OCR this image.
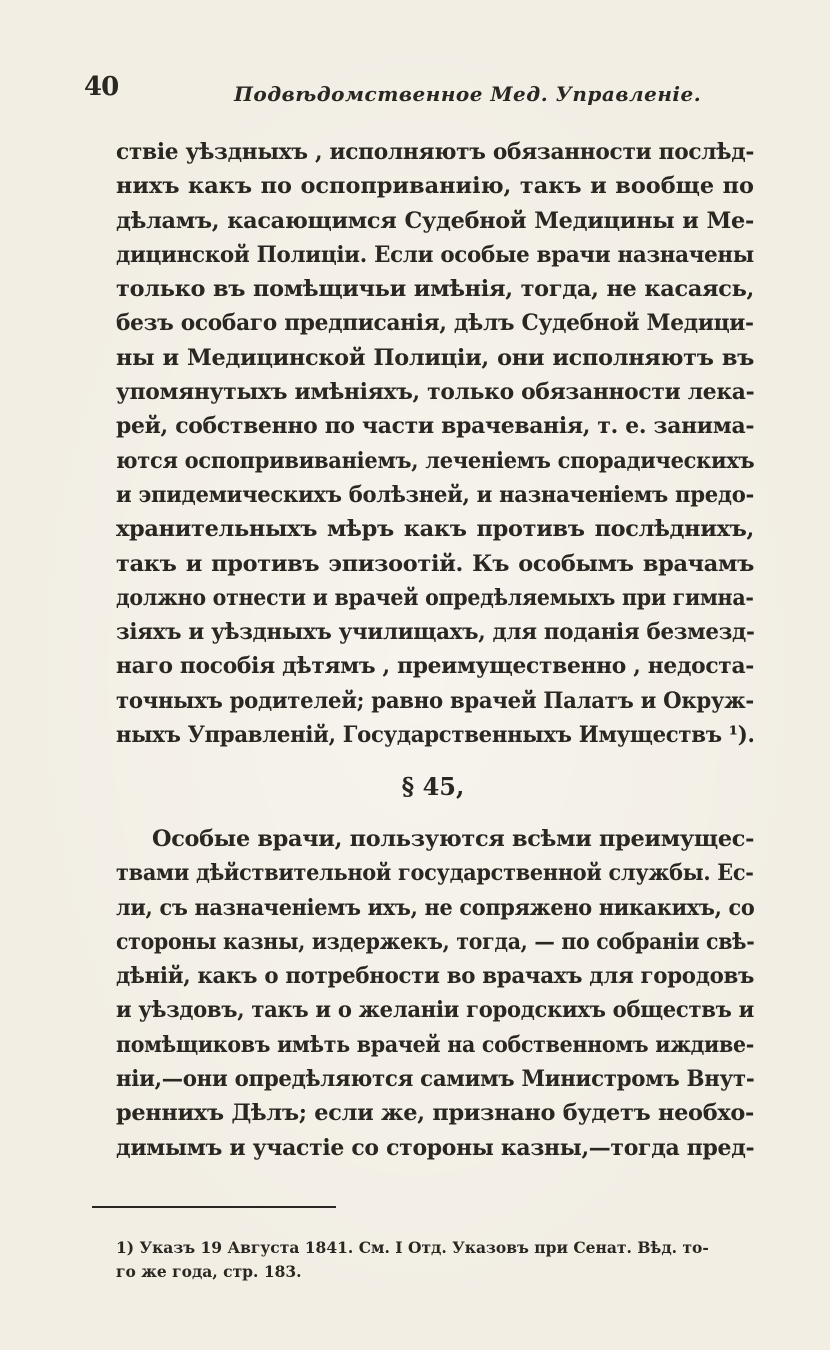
40	Подвѣдомственное Мед. Управленіе.
ствіе уѣздныхъ , исполняютъ обязанности послѣд-
нихъ какъ по оспоприваниію, такъ и вообще по
дѣламъ, касающимся Судебной Медицины и Ме-
дицинской Полиціи. Если особые врачи назначены
только въ помѣщичьи имѣнія, тогда, не касаясь,
безъ особаго предписанія, дѣлъ Судебной Медици-
ны и Медицинской Полиціи, они исполняютъ въ
упомянутыхъ имѣніяхъ, только обязанности лека-
рей, собственно по части врачеванія, т. е. занима-
ются оспопрививаніемъ, леченіемъ спорадическихъ
и эпидемическихъ болѣзней, и назначеніемъ предо-
хранительныхъ мѣръ какъ противъ послѣднихъ,
такъ и противъ эпизоотій. Къ особымъ врачамъ
должно отнести и врачей опредѣляемыхъ при гимна-
зіяхъ и уѣздныхъ училищахъ, для поданія безмезд-
наго пособія дѣтямъ , преимущественно , недоста-
точныхъ родителей; равно врачей Палатъ и Окруж-
ныхъ Управленій, Государственныхъ Имуществъ ¹).
§ 45,
Особые врачи, пользуются всѣми преимущес-
твами дѣйствительной государственной службы. Ес-
ли, съ назначеніемъ ихъ, не сопряжено никакихъ, со
стороны казны, издержекъ, тогда, — по собраніи свѣ-
дѣній, какъ о потребности во врачахъ для городовъ
и уѣздовъ, такъ и о желаніи городскихъ обществъ и
помѣщиковъ имѣть врачей на собственномъ иждиве-
ніи,—они опредѣляются самимъ Министромъ Внут-
реннихъ Дѣлъ; если же, признано будетъ необхо-
димымъ и участіе со стороны казны,—тогда пред-
1) Указъ 19 Августа 1841. См. I Отд. Указовъ при Сенат. Вѣд. то-
го же года, стр. 183.
